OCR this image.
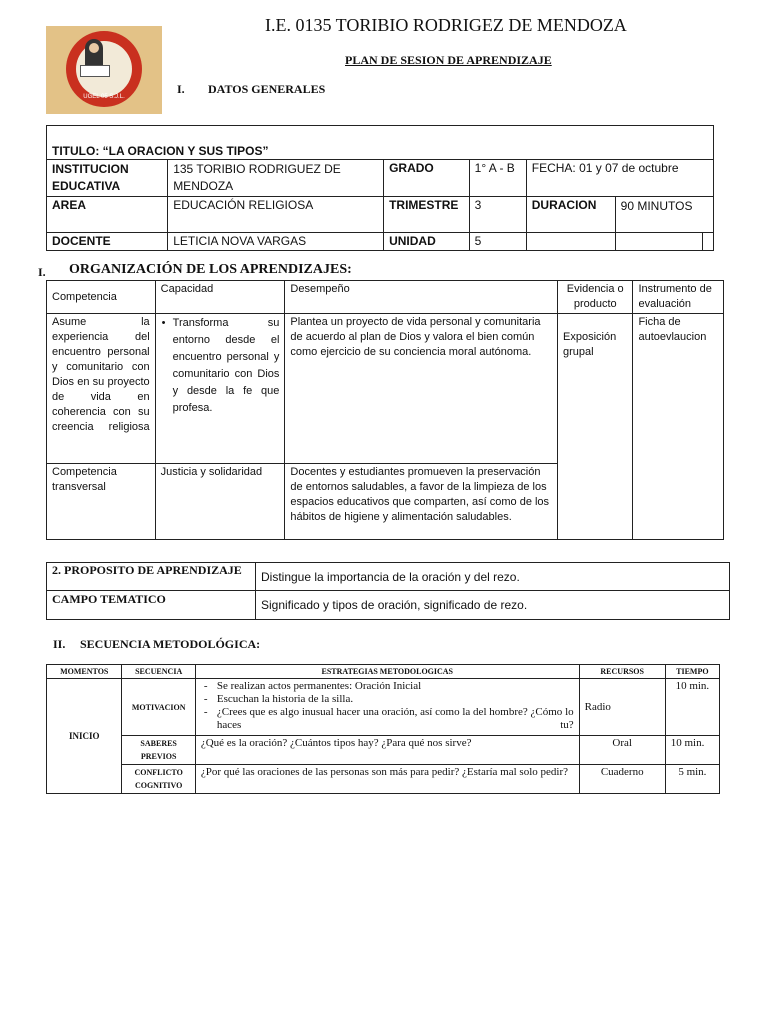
UGEL 05 S.J.L.
I.E. 0135 TORIBIO RODRIGEZ DE MENDOZA
PLAN DE SESION DE APRENDIZAJE
I. DATOS GENERALES
TITULO: “LA ORACION Y SUS TIPOS”						
INSTITUCION EDUCATIVA	135 TORIBIO RODRIGUEZ DE MENDOZA	GRADO	1° A - B	FECHA: 01 y 07 de octubre		
AREA	EDUCACIÓN RELIGIOSA	TRIMESTRE	3	DURACION	90 MINUTOS	
DOCENTE	LETICIA NOVA VARGAS	UNIDAD	5			
I. ORGANIZACIÓN DE LOS APRENDIZAJES:
Competencia	Capacidad	Desempeño	Evidencia o producto	Instrumento de evaluación
Asume la experiencia del encuentro personal y comunitario con Dios en su proyecto de vida en coherencia con su creencia religiosa	• Transforma su entorno desde el encuentro personal y comunitario con Dios y desde la fe que profesa.	Plantea un proyecto de vida personal y comunitaria de acuerdo al plan de Dios y valora el bien común como ejercicio de su conciencia moral autónoma.	Exposición grupal	Ficha de autoevlaucion
Competencia transversal	Justicia y solidaridad	Docentes y estudiantes promueven la preservación de entornos saludables, a favor de la limpieza de los espacios educativos que comparten, así como de los hábitos de higiene y alimentación saludables.		
2. PROPOSITO DE APRENDIZAJE	Distingue la importancia de la oración y del rezo.
CAMPO TEMATICO	Significado y tipos de oración, significado de rezo.
II. SECUENCIA METODOLÓGICA:
MOMENTOS	SECUENCIA	ESTRATEGIAS METODOLOGICAS	RECURSOS	TIEMPO
INICIO	MOTIVACION	- Se realizan actos permanentes: Oración Inicial
- Escuchan la historia de la silla.
- ¿Crees que es algo inusual hacer una oración, así como la del hombre? ¿Cómo lo haces tu?	Radio	10 min.
	SABERES PREVIOS	¿Qué es la oración? ¿Cuántos tipos hay? ¿Para qué nos sirve?	Oral	10 min.
	CONFLICTO COGNITIVO	¿Por qué las oraciones de las personas son más para pedir? ¿Estaría mal solo pedir?	Cuaderno	5 min.
